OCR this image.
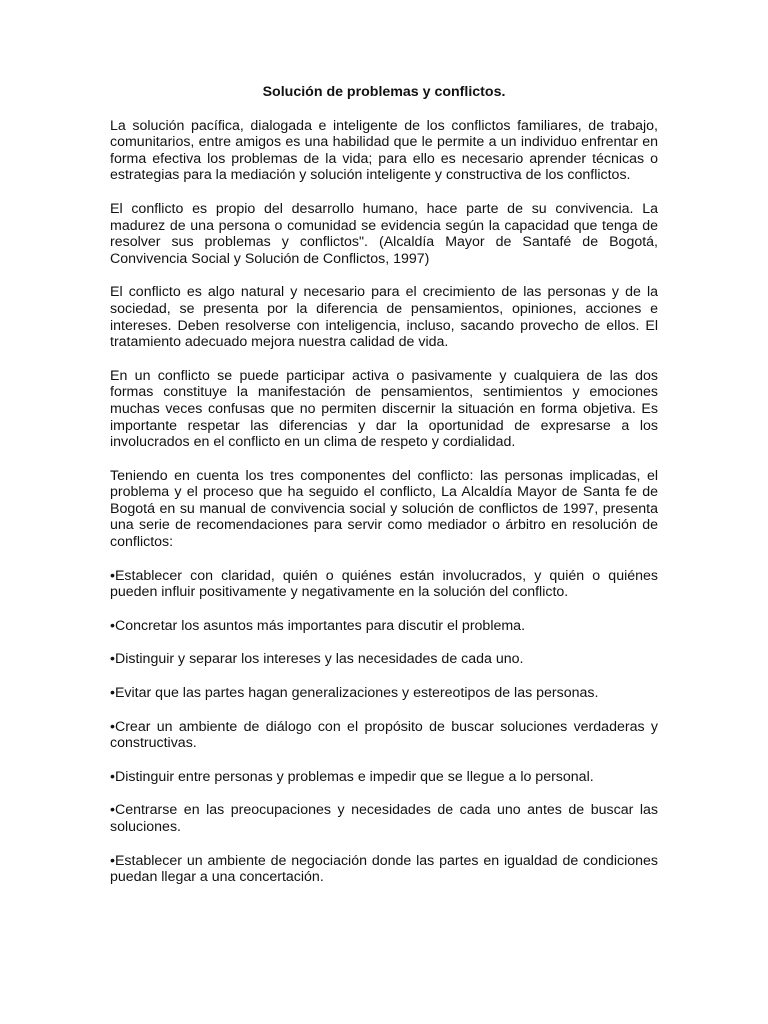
Solución de problemas y conflictos.
La solución pacífica, dialogada e inteligente de los conflictos familiares, de trabajo, comunitarios, entre amigos es una habilidad que le permite a un individuo enfrentar en forma efectiva los problemas de la vida; para ello es necesario aprender técnicas o estrategias para la mediación y solución inteligente y constructiva de los conflictos.
El conflicto es propio del desarrollo humano, hace parte de su convivencia. La madurez de una persona o comunidad se evidencia según la capacidad que tenga de resolver sus problemas y conflictos". (Alcaldía Mayor de Santafé de Bogotá, Convivencia Social y Solución de Conflictos, 1997)
El conflicto es algo natural y necesario para el crecimiento de las personas y de la sociedad, se presenta por la diferencia de pensamientos, opiniones, acciones e intereses. Deben resolverse con inteligencia, incluso, sacando provecho de ellos. El tratamiento adecuado mejora nuestra calidad de vida.
En un conflicto se puede participar activa o pasivamente y cualquiera de las dos formas constituye la manifestación de pensamientos, sentimientos y emociones muchas veces confusas que no permiten discernir la situación en forma objetiva. Es importante respetar las diferencias y dar la oportunidad de expresarse a los involucrados en el conflicto en un clima de respeto y cordialidad.
Teniendo en cuenta los tres componentes del conflicto: las personas implicadas, el problema y el proceso que ha seguido el conflicto, La Alcaldía Mayor de Santa fe de Bogotá en su manual de convivencia social y solución de conflictos de 1997, presenta una serie de recomendaciones para servir como mediador o árbitro en resolución de conflictos:
•Establecer con claridad, quién o quiénes están involucrados, y quién o quiénes pueden influir positivamente y negativamente en la solución del conflicto.
•Concretar los asuntos más importantes para discutir el problema.
•Distinguir y separar los intereses y las necesidades de cada uno.
•Evitar que las partes hagan generalizaciones y estereotipos de las personas.
•Crear un ambiente de diálogo con el propósito de buscar soluciones verdaderas y constructivas.
•Distinguir entre personas y problemas e impedir que se llegue a lo personal.
•Centrarse en las preocupaciones y necesidades de cada uno antes de buscar las soluciones.
•Establecer un ambiente de negociación donde las partes en igualdad de condiciones puedan llegar a una concertación.
